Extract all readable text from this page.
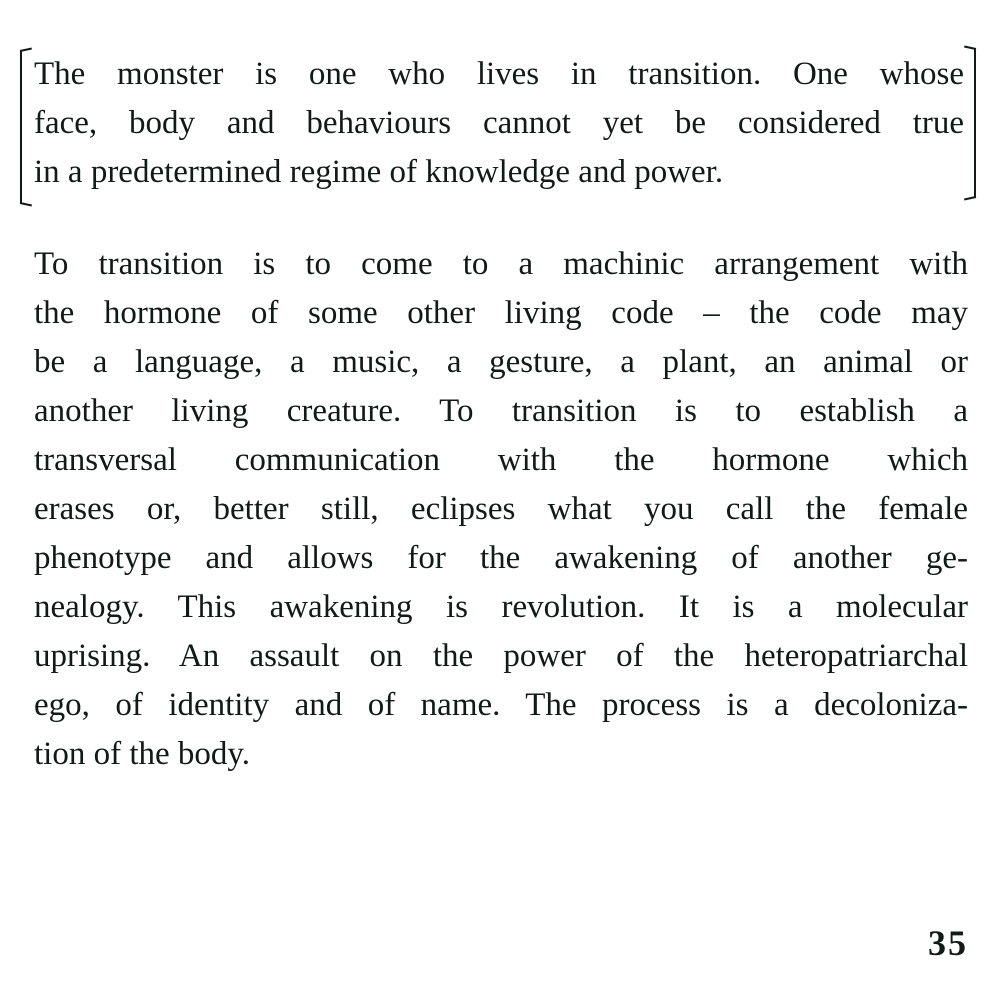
The monster is one who lives in transition. One whose
face, body and behaviours cannot yet be considered true
in a predetermined regime of knowledge and power.

To transition is to come to a machinic arrangement with
the hormone of some other living code – the code may
be a language, a music, a gesture, a plant, an animal or
another living creature. To transition is to establish a
transversal communication with the hormone which
erases or, better still, eclipses what you call the female
phenotype and allows for the awakening of another ge-
nealogy. This awakening is revolution. It is a molecular
uprising. An assault on the power of the heteropatriarchal
ego, of identity and of name. The process is a decoloniza-
tion of the body.

35
